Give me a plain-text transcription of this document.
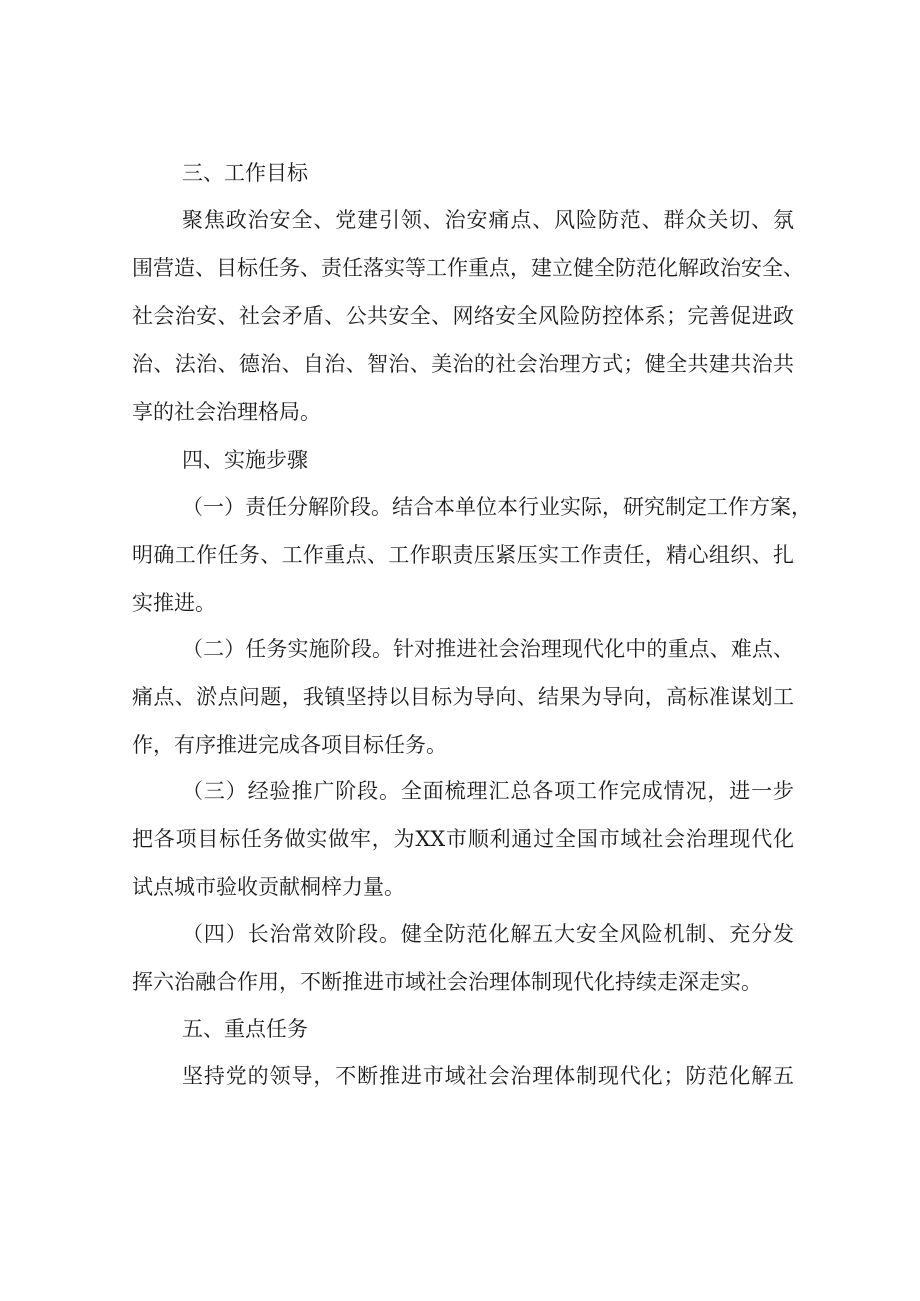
三、工作目标
聚焦政治安全、党建引领、治安痛点、风险防范、群众关切、氛
围营造、目标任务、责任落实等工作重点，建立健全防范化解政治安全、
社会治安、社会矛盾、公共安全、网络安全风险防控体系；完善促进政
治、法治、德治、自治、智治、美治的社会治理方式；健全共建共治共
享的社会治理格局。
四、实施步骤
（一）责任分解阶段。结合本单位本行业实际，研究制定工作方案，
明确工作任务、工作重点、工作职责压紧压实工作责任，精心组织、扎
实推进。
（二）任务实施阶段。针对推进社会治理现代化中的重点、难点、
痛点、淤点问题，我镇坚持以目标为导向、结果为导向，高标准谋划工
作，有序推进完成各项目标任务。
（三）经验推广阶段。全面梳理汇总各项工作完成情况，进一步
把各项目标任务做实做牢，为XX市顺利通过全国市域社会治理现代化
试点城市验收贡献桐梓力量。
（四）长治常效阶段。健全防范化解五大安全风险机制、充分发
挥六治融合作用，不断推进市域社会治理体制现代化持续走深走实。
五、重点任务
坚持党的领导，不断推进市域社会治理体制现代化；防范化解五
